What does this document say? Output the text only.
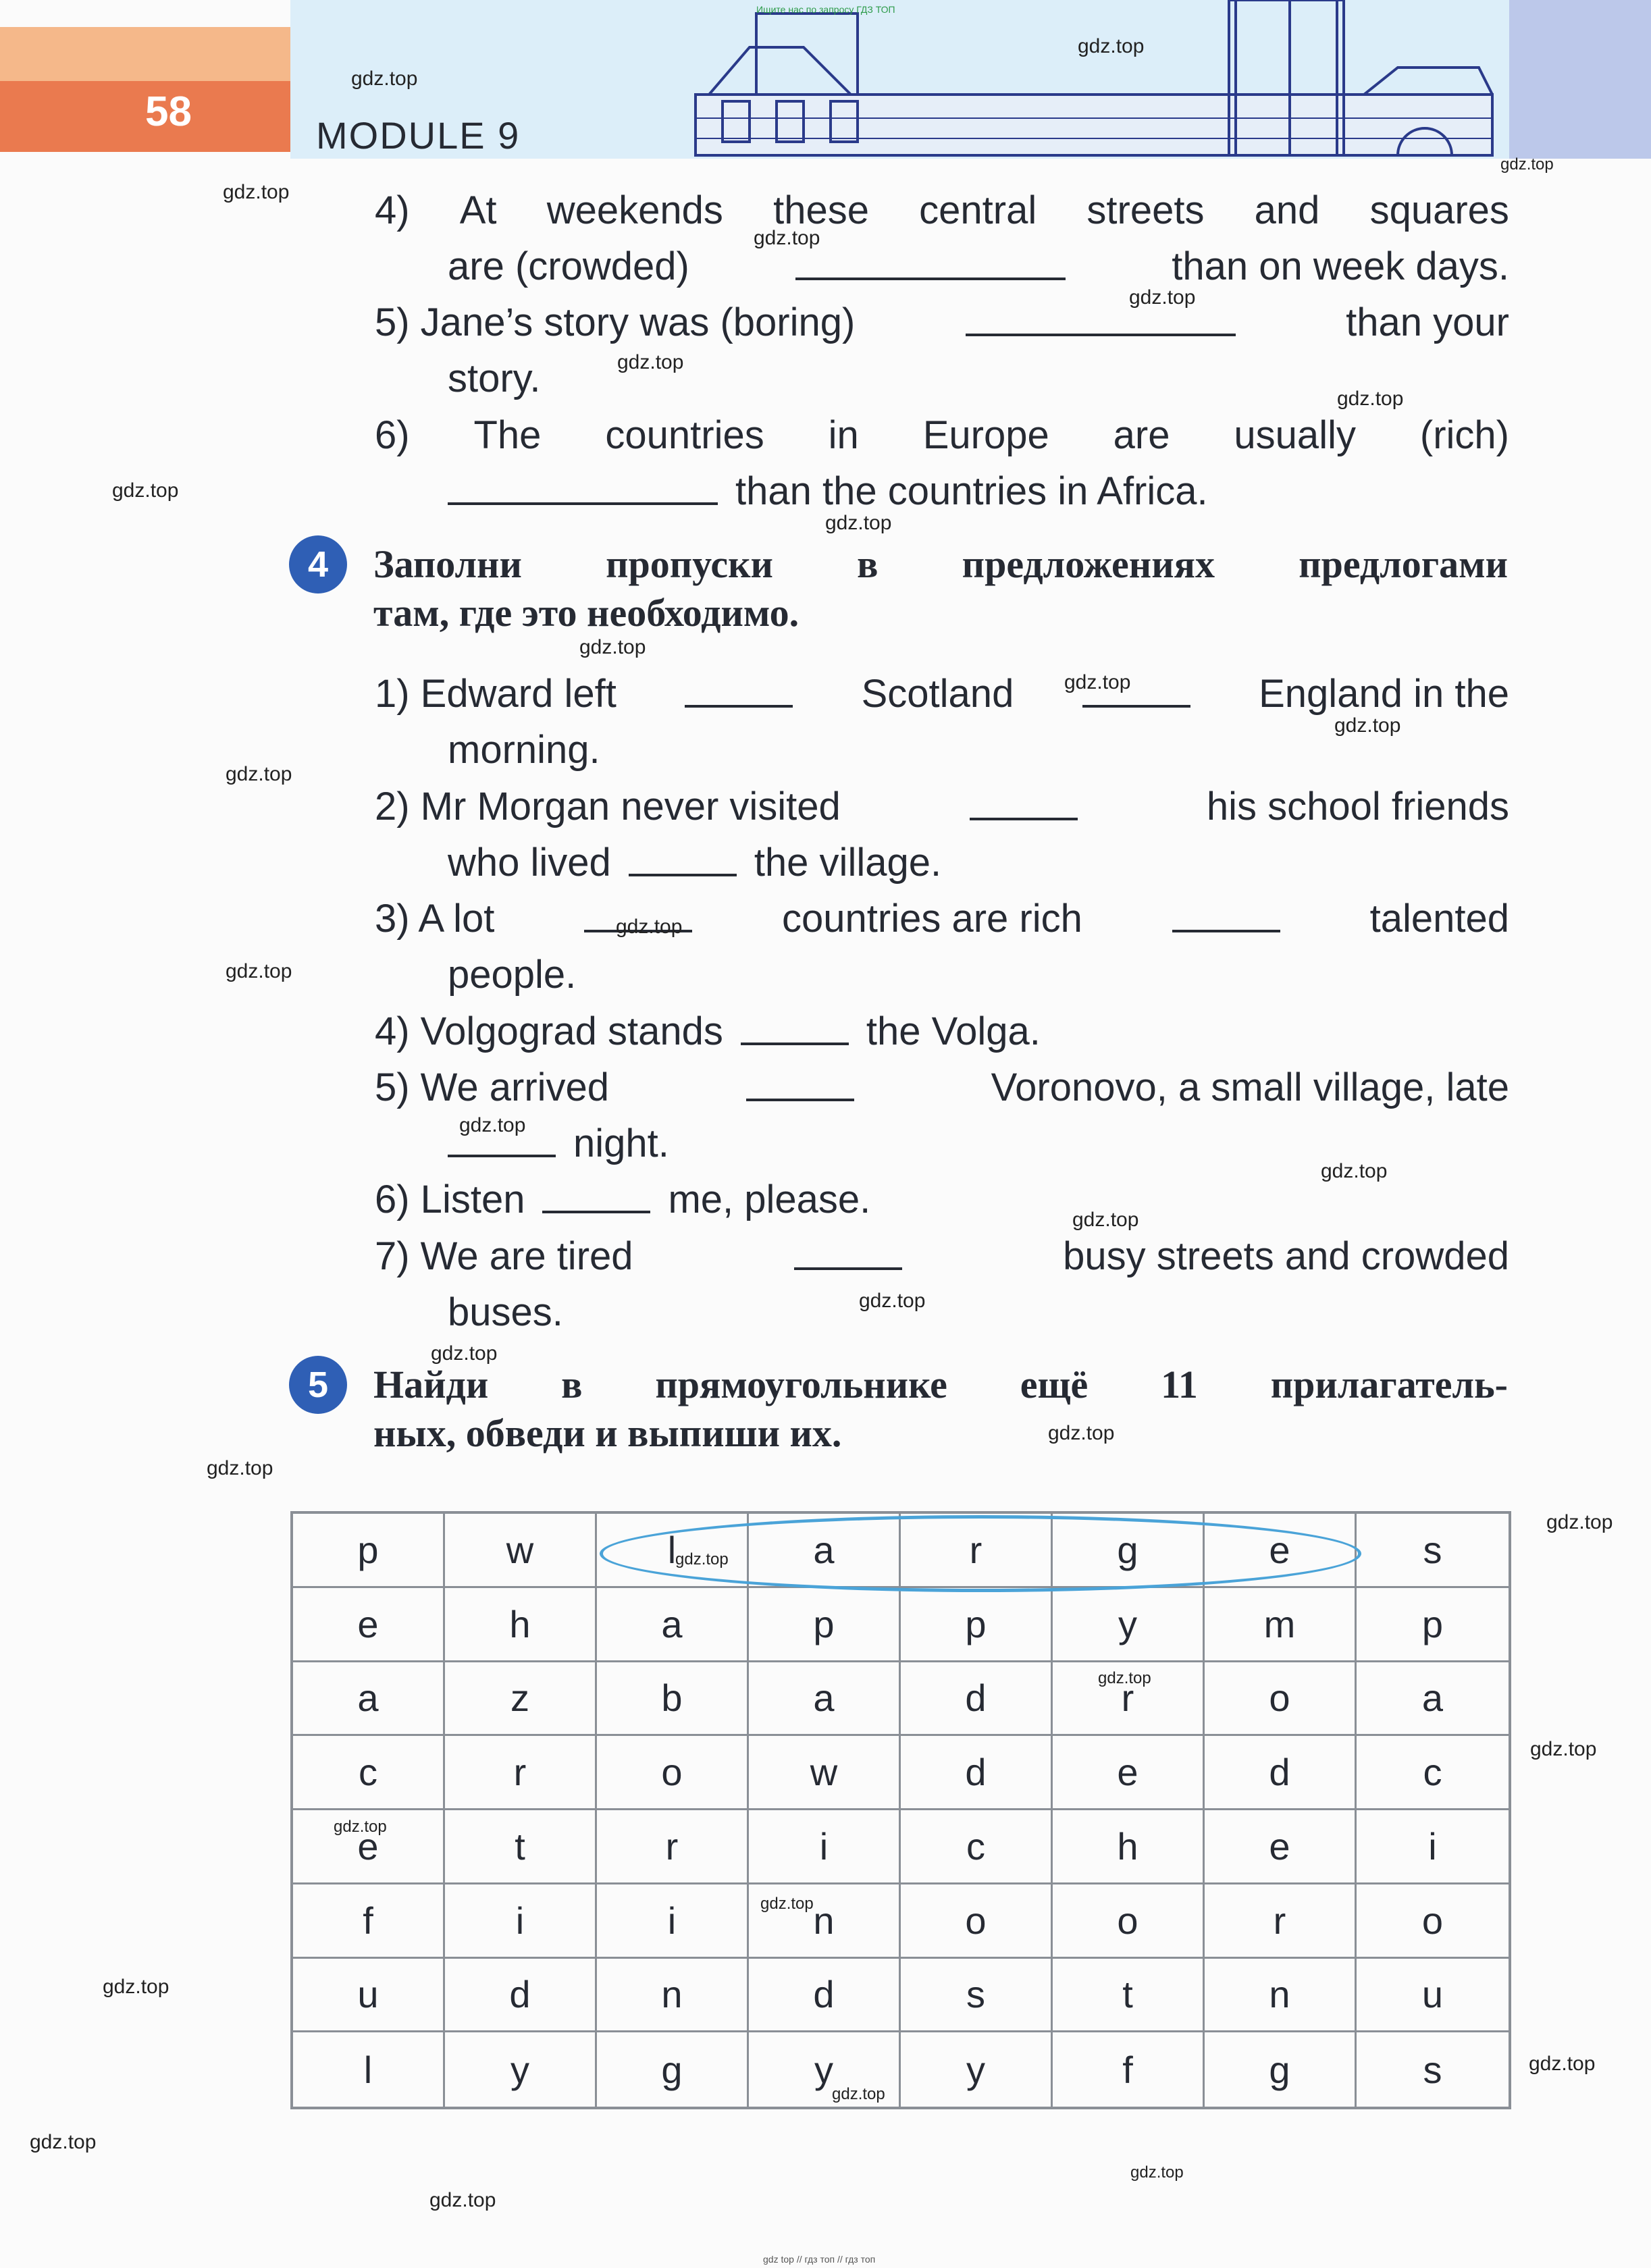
58
MODULE 9
Ищите нас по запросу ГДЗ ТОП
4) At weekends these central streets and squares
are (crowded)	than on week days.
5) Jane’s story was (boring)	than your
story.
6) The countries in Europe are usually (rich)
than the countries in Africa.
4	Заполни пропуски в предложениях предлогами
там, где это необходимо.
1) Edward left	Scotland	England in the
morning.
2) Mr Morgan never visited	his school friends
who lived	the village.
3) A lot	countries are rich	talented
people.
4) Volgograd stands	the Volga.
5) We arrived	Voronovo, a small village, late
night.
6) Listen	me, please.
7) We are tired	busy streets and crowded
buses.
5	Найди в прямоугольнике ещё 11 прилагатель-
ных, обведи и выпиши их.
p	w	l	a	r	g	e	s
e	h	a	p	p	y	m	p
a	z	b	a	d	r	o	a
c	r	o	w	d	e	d	c
e	t	r	i	c	h	e	i
f	i	i	n	o	o	r	o
u	d	n	d	s	t	n	u
l	y	g	y	y	f	g	s
gdz top // гдз топ // гдз топ
gdz.top
gdz.top
gdz.top
gdz.top
gdz.top
gdz.top
gdz.top
gdz.top
gdz.top
gdz.top
gdz.top
gdz.top
gdz.top
gdz.top
gdz.top
gdz.top
gdz.top
gdz.top
gdz.top
gdz.top
gdz.top
gdz.top
gdz.top
gdz.top
gdz.top
gdz.top
gdz.top
gdz.top
gdz.top
gdz.top
gdz.top
gdz.top
gdz.top
gdz.top
gdz.top
